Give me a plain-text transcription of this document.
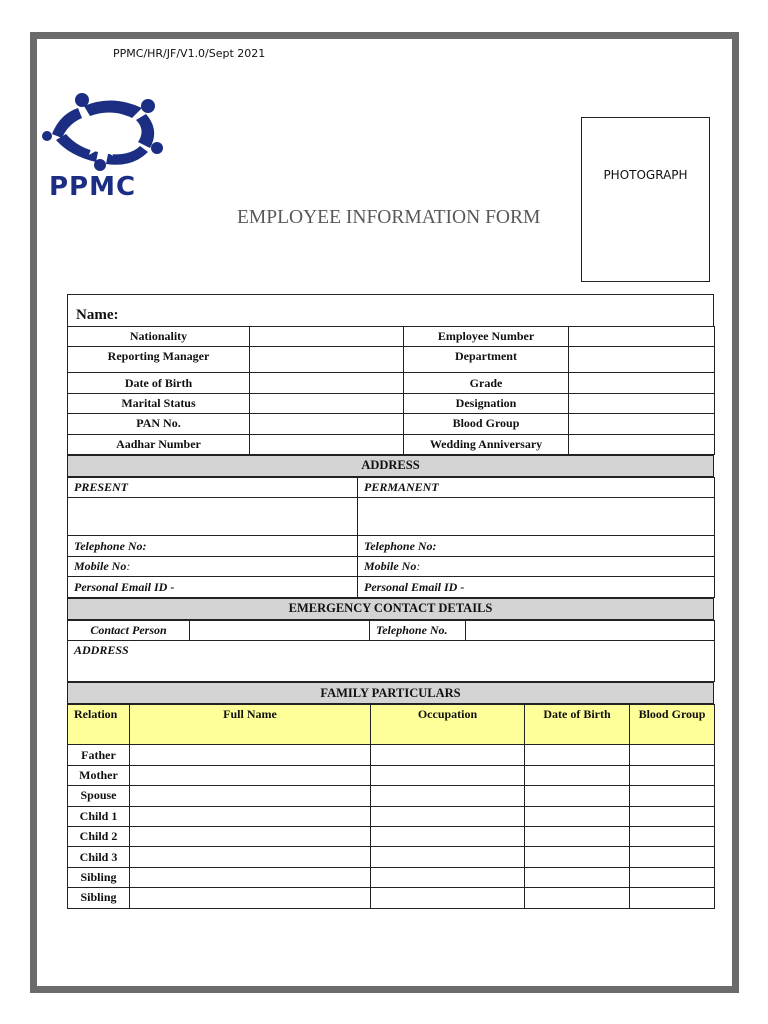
PPMC/HR/JF/V1.0/Sept 2021
PPMC
EMPLOYEE INFORMATION FORM
PHOTOGRAPH
Name:
Nationality		Employee Number	
Reporting Manager		Department	
Date of Birth		Grade	
Marital Status		Designation	
PAN No.		Blood Group	
Aadhar Number		Wedding Anniversary	
ADDRESS
PRESENT	PERMANENT

Telephone No:	Telephone No:
Mobile No:	Mobile No:
Personal Email ID -	Personal Email ID -
EMERGENCY CONTACT DETAILS
Contact Person		Telephone No.	
ADDRESS
FAMILY PARTICULARS
Relation	Full Name	Occupation	Date of Birth	Blood Group
Father				
Mother				
Spouse				
Child 1				
Child 2				
Child 3				
Sibling				
Sibling				
